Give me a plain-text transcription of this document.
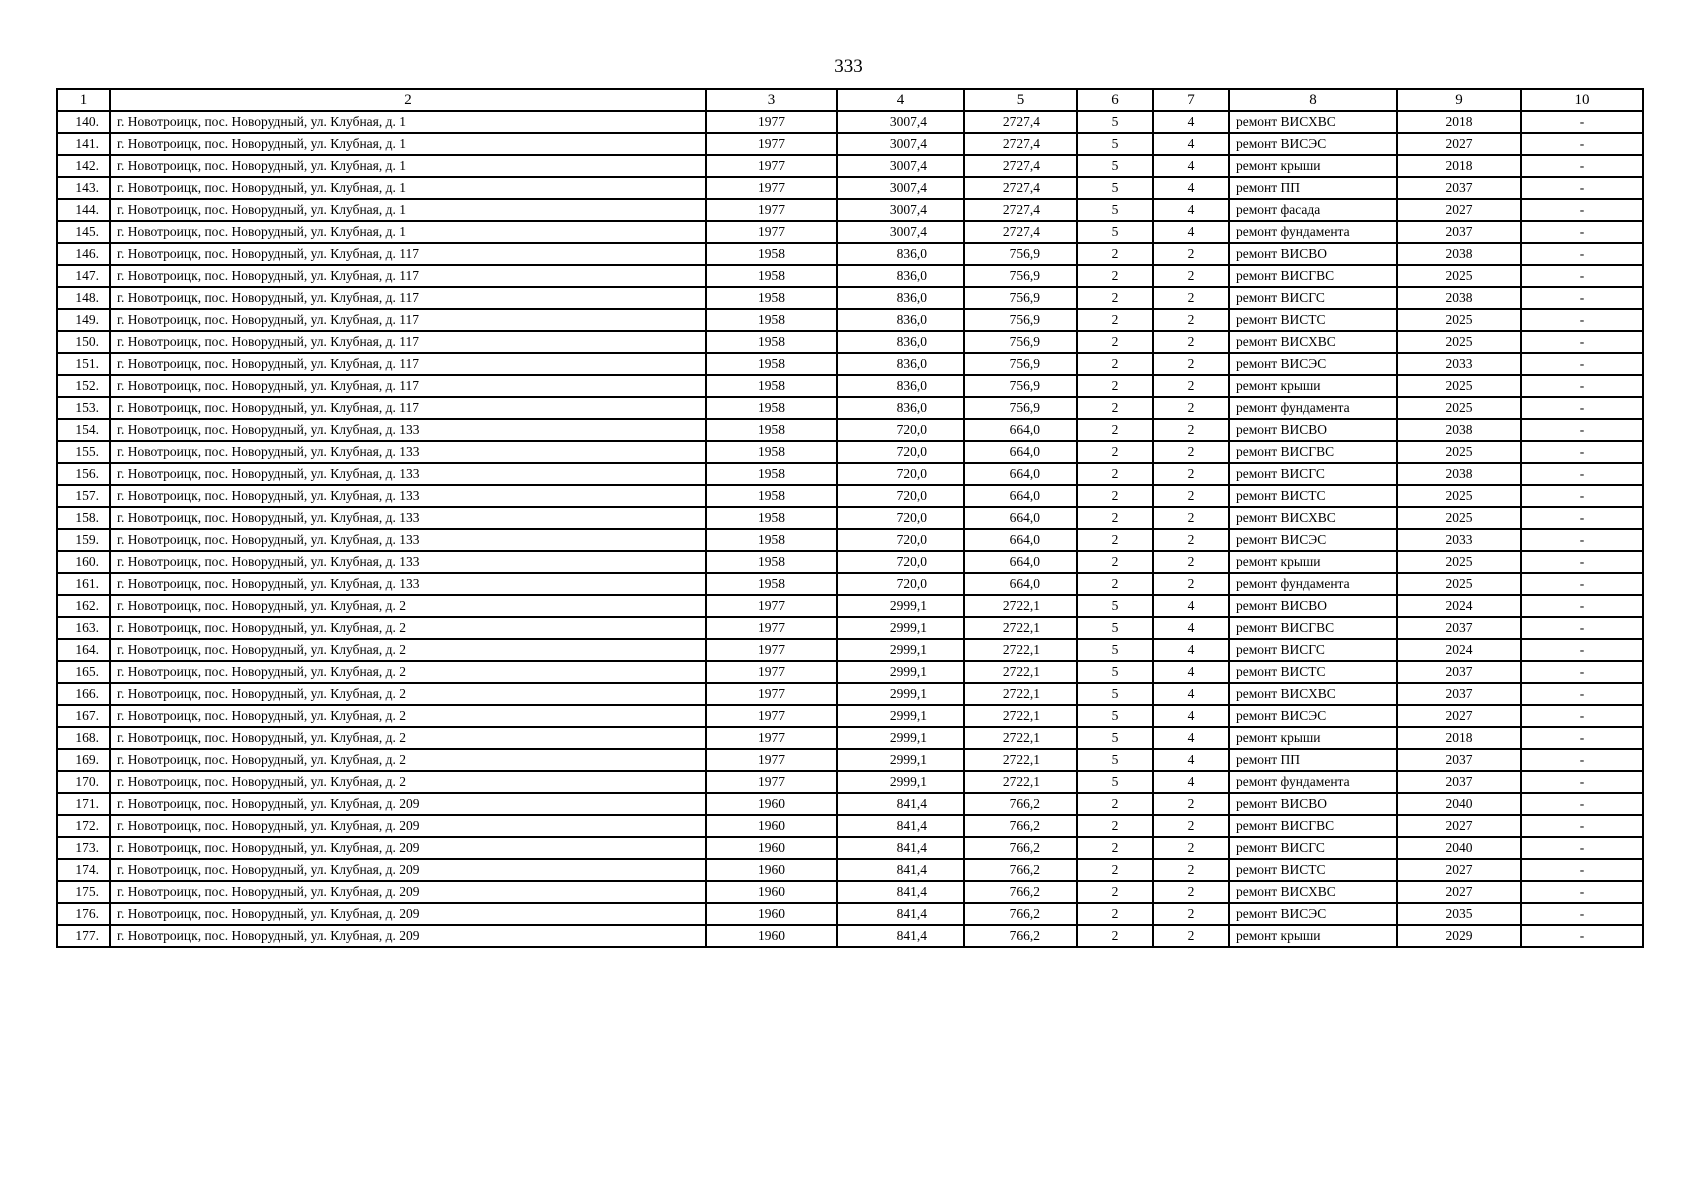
333
1	2	3	4	5	6	7	8	9	10
140.	г. Новотроицк, пос. Новорудный, ул. Клубная, д. 1	1977	3007,4	2727,4	5	4	ремонт ВИСХВС	2018	-
141.	г. Новотроицк, пос. Новорудный, ул. Клубная, д. 1	1977	3007,4	2727,4	5	4	ремонт ВИСЭС	2027	-
142.	г. Новотроицк, пос. Новорудный, ул. Клубная, д. 1	1977	3007,4	2727,4	5	4	ремонт крыши	2018	-
143.	г. Новотроицк, пос. Новорудный, ул. Клубная, д. 1	1977	3007,4	2727,4	5	4	ремонт ПП	2037	-
144.	г. Новотроицк, пос. Новорудный, ул. Клубная, д. 1	1977	3007,4	2727,4	5	4	ремонт фасада	2027	-
145.	г. Новотроицк, пос. Новорудный, ул. Клубная, д. 1	1977	3007,4	2727,4	5	4	ремонт фундамента	2037	-
146.	г. Новотроицк, пос. Новорудный, ул. Клубная, д. 117	1958	836,0	756,9	2	2	ремонт ВИСВО	2038	-
147.	г. Новотроицк, пос. Новорудный, ул. Клубная, д. 117	1958	836,0	756,9	2	2	ремонт ВИСГВС	2025	-
148.	г. Новотроицк, пос. Новорудный, ул. Клубная, д. 117	1958	836,0	756,9	2	2	ремонт ВИСГС	2038	-
149.	г. Новотроицк, пос. Новорудный, ул. Клубная, д. 117	1958	836,0	756,9	2	2	ремонт ВИСТС	2025	-
150.	г. Новотроицк, пос. Новорудный, ул. Клубная, д. 117	1958	836,0	756,9	2	2	ремонт ВИСХВС	2025	-
151.	г. Новотроицк, пос. Новорудный, ул. Клубная, д. 117	1958	836,0	756,9	2	2	ремонт ВИСЭС	2033	-
152.	г. Новотроицк, пос. Новорудный, ул. Клубная, д. 117	1958	836,0	756,9	2	2	ремонт крыши	2025	-
153.	г. Новотроицк, пос. Новорудный, ул. Клубная, д. 117	1958	836,0	756,9	2	2	ремонт фундамента	2025	-
154.	г. Новотроицк, пос. Новорудный, ул. Клубная, д. 133	1958	720,0	664,0	2	2	ремонт ВИСВО	2038	-
155.	г. Новотроицк, пос. Новорудный, ул. Клубная, д. 133	1958	720,0	664,0	2	2	ремонт ВИСГВС	2025	-
156.	г. Новотроицк, пос. Новорудный, ул. Клубная, д. 133	1958	720,0	664,0	2	2	ремонт ВИСГС	2038	-
157.	г. Новотроицк, пос. Новорудный, ул. Клубная, д. 133	1958	720,0	664,0	2	2	ремонт ВИСТС	2025	-
158.	г. Новотроицк, пос. Новорудный, ул. Клубная, д. 133	1958	720,0	664,0	2	2	ремонт ВИСХВС	2025	-
159.	г. Новотроицк, пос. Новорудный, ул. Клубная, д. 133	1958	720,0	664,0	2	2	ремонт ВИСЭС	2033	-
160.	г. Новотроицк, пос. Новорудный, ул. Клубная, д. 133	1958	720,0	664,0	2	2	ремонт крыши	2025	-
161.	г. Новотроицк, пос. Новорудный, ул. Клубная, д. 133	1958	720,0	664,0	2	2	ремонт фундамента	2025	-
162.	г. Новотроицк, пос. Новорудный, ул. Клубная, д. 2	1977	2999,1	2722,1	5	4	ремонт ВИСВО	2024	-
163.	г. Новотроицк, пос. Новорудный, ул. Клубная, д. 2	1977	2999,1	2722,1	5	4	ремонт ВИСГВС	2037	-
164.	г. Новотроицк, пос. Новорудный, ул. Клубная, д. 2	1977	2999,1	2722,1	5	4	ремонт ВИСГС	2024	-
165.	г. Новотроицк, пос. Новорудный, ул. Клубная, д. 2	1977	2999,1	2722,1	5	4	ремонт ВИСТС	2037	-
166.	г. Новотроицк, пос. Новорудный, ул. Клубная, д. 2	1977	2999,1	2722,1	5	4	ремонт ВИСХВС	2037	-
167.	г. Новотроицк, пос. Новорудный, ул. Клубная, д. 2	1977	2999,1	2722,1	5	4	ремонт ВИСЭС	2027	-
168.	г. Новотроицк, пос. Новорудный, ул. Клубная, д. 2	1977	2999,1	2722,1	5	4	ремонт крыши	2018	-
169.	г. Новотроицк, пос. Новорудный, ул. Клубная, д. 2	1977	2999,1	2722,1	5	4	ремонт ПП	2037	-
170.	г. Новотроицк, пос. Новорудный, ул. Клубная, д. 2	1977	2999,1	2722,1	5	4	ремонт фундамента	2037	-
171.	г. Новотроицк, пос. Новорудный, ул. Клубная, д. 209	1960	841,4	766,2	2	2	ремонт ВИСВО	2040	-
172.	г. Новотроицк, пос. Новорудный, ул. Клубная, д. 209	1960	841,4	766,2	2	2	ремонт ВИСГВС	2027	-
173.	г. Новотроицк, пос. Новорудный, ул. Клубная, д. 209	1960	841,4	766,2	2	2	ремонт ВИСГС	2040	-
174.	г. Новотроицк, пос. Новорудный, ул. Клубная, д. 209	1960	841,4	766,2	2	2	ремонт ВИСТС	2027	-
175.	г. Новотроицк, пос. Новорудный, ул. Клубная, д. 209	1960	841,4	766,2	2	2	ремонт ВИСХВС	2027	-
176.	г. Новотроицк, пос. Новорудный, ул. Клубная, д. 209	1960	841,4	766,2	2	2	ремонт ВИСЭС	2035	-
177.	г. Новотроицк, пос. Новорудный, ул. Клубная, д. 209	1960	841,4	766,2	2	2	ремонт крыши	2029	-
